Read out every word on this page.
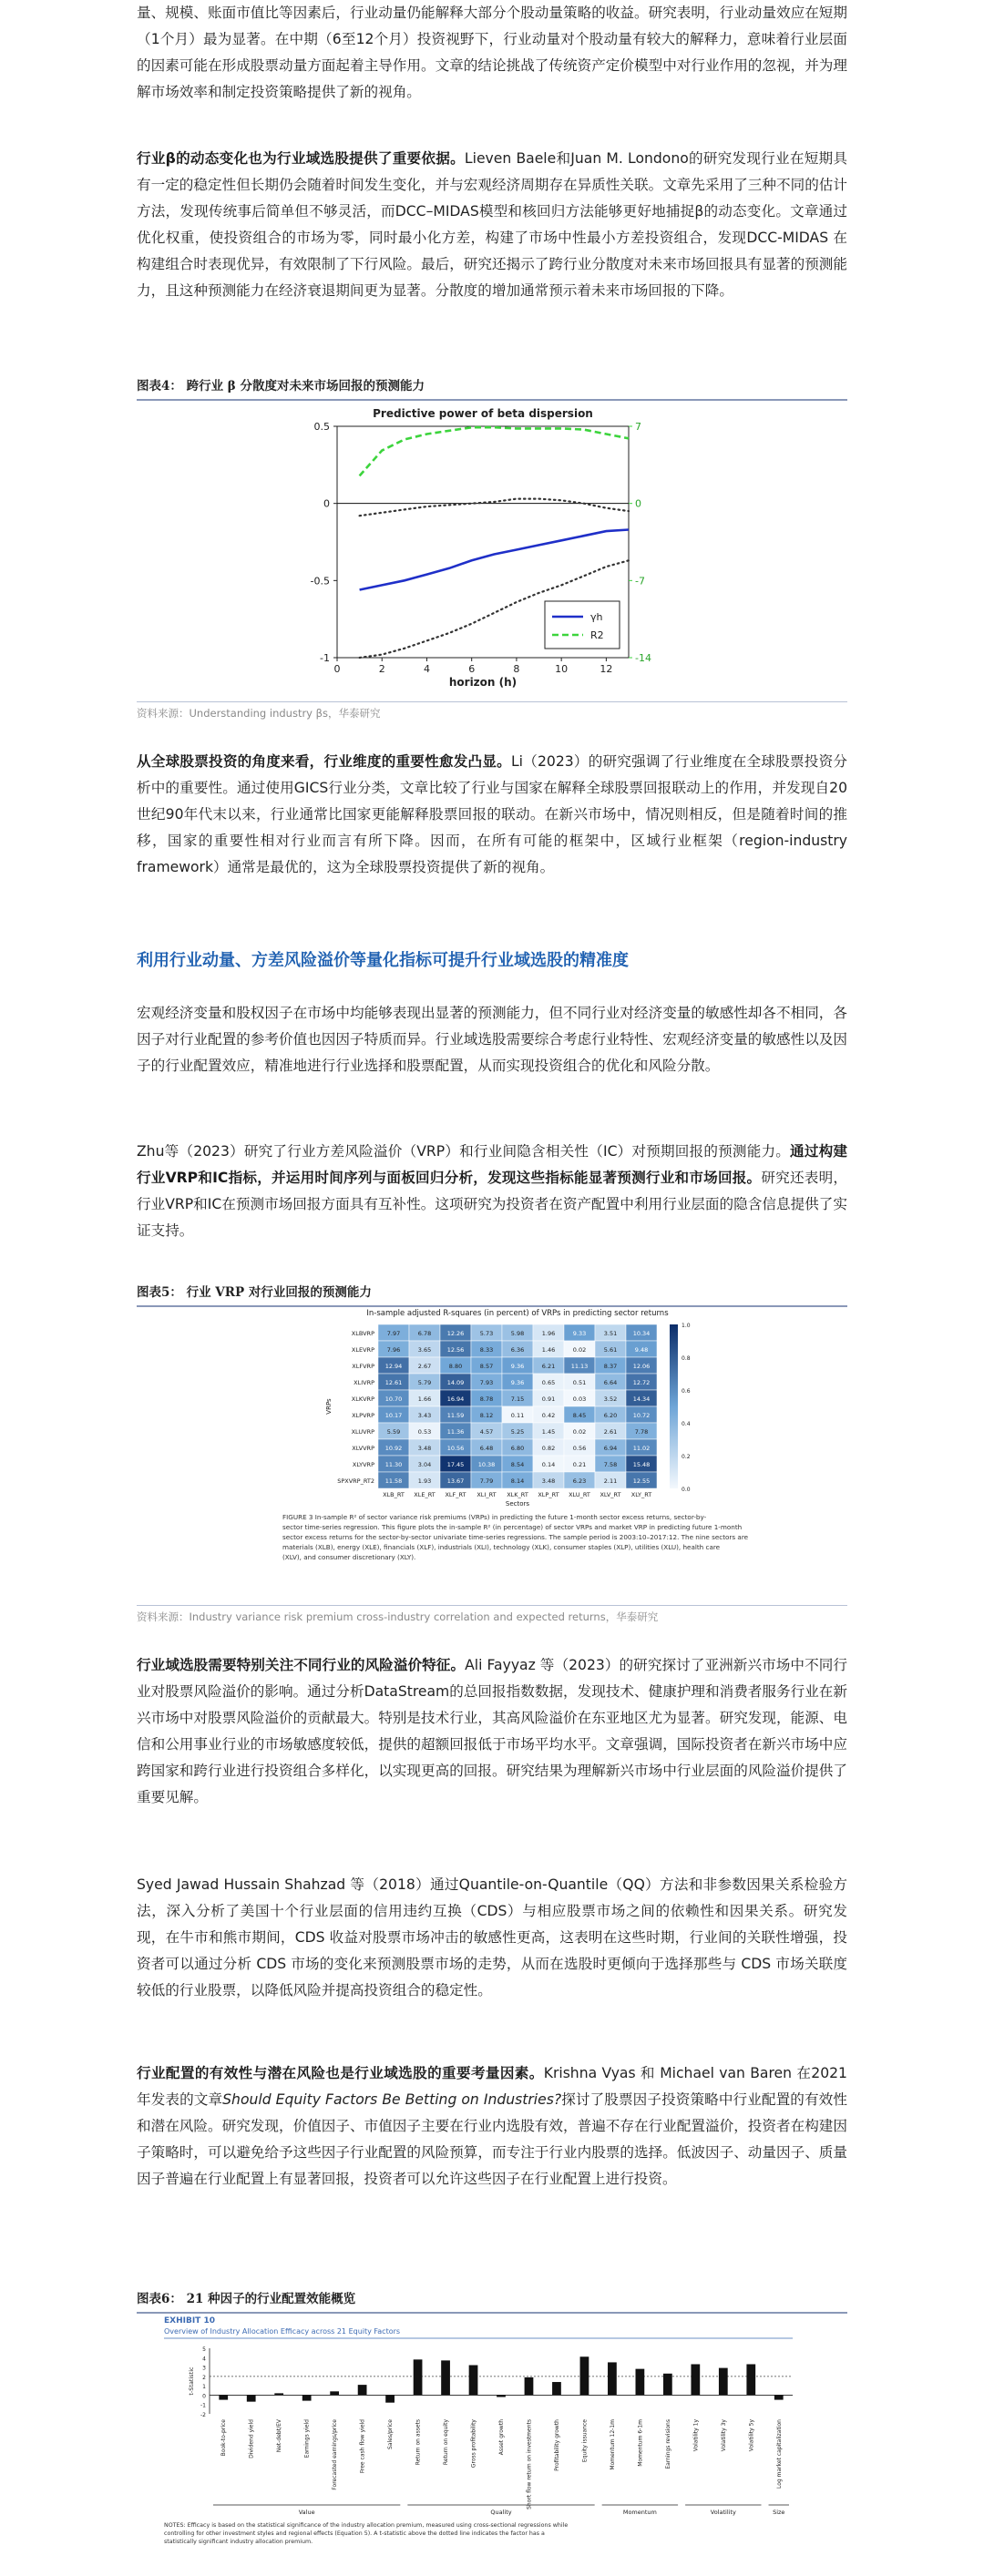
量、规模、账面市值比等因素后，行业动量仍能解释大部分个股动量策略的收益。研究表明，行业动量效应在短期（1个月）最为显著。在中期（6至12个月）投资视野下，行业动量对个股动量有较大的解释力，意味着行业层面的因素可能在形成股票动量方面起着主导作用。文章的结论挑战了传统资产定价模型中对行业作用的忽视，并为理解市场效率和制定投资策略提供了新的视角。

行业β的动态变化也为行业域选股提供了重要依据。Lieven Baele和Juan M. Londono的研究发现行业在短期具有一定的稳定性但长期仍会随着时间发生变化，并与宏观经济周期存在异质性关联。文章先采用了三种不同的估计方法，发现传统事后简单但不够灵活，而DCC–MIDAS模型和核回归方法能够更好地捕捉β的动态变化。文章通过优化权重，使投资组合的市场为零，同时最小化方差，构建了市场中性最小方差投资组合，发现DCC-MIDAS 在构建组合时表现优异，有效限制了下行风险。最后，研究还揭示了跨行业分散度对未来市场回报具有显著的预测能力，且这种预测能力在经济衰退期间更为显著。分散度的增加通常预示着未来市场回报的下降。

图表4： 跨行业 β 分散度对未来市场回报的预测能力
Predictive power of beta dispersion
0.5
0
-0.5
-1
7
0
-7
-14
0	2	4	6	8	10	12
horizon (h)
γh
R2
资料来源：Understanding industry βs，华泰研究

从全球股票投资的角度来看，行业维度的重要性愈发凸显。Li（2023）的研究强调了行业维度在全球股票投资分析中的重要性。通过使用GICS行业分类，文章比较了行业与国家在解释全球股票回报联动上的作用，并发现自20世纪90年代末以来，行业通常比国家更能解释股票回报的联动。在新兴市场中，情况则相反，但是随着时间的推移，国家的重要性相对行业而言有所下降。因而，在所有可能的框架中，区域行业框架（region-industry framework）通常是最优的，这为全球股票投资提供了新的视角。

利用行业动量、方差风险溢价等量化指标可提升行业域选股的精准度

宏观经济变量和股权因子在市场中均能够表现出显著的预测能力，但不同行业对经济变量的敏感性却各不相同，各因子对行业配置的参考价值也因因子特质而异。行业域选股需要综合考虑行业特性、宏观经济变量的敏感性以及因子的行业配置效应，精准地进行行业选择和股票配置，从而实现投资组合的优化和风险分散。

Zhu等（2023）研究了行业方差风险溢价（VRP）和行业间隐含相关性（IC）对预期回报的预测能力。通过构建行业VRP和IC指标，并运用时间序列与面板回归分析，发现这些指标能显著预测行业和市场回报。研究还表明，行业VRP和IC在预测市场回报方面具有互补性。这项研究为投资者在资产配置中利用行业层面的隐含信息提供了实证支持。

图表5： 行业 VRP 对行业回报的预测能力
In-sample adjusted R-squares (in percent) of VRPs in predicting sector returns
XLBVRP 7.97	6.78	12.26	5.73	5.98	1.96	9.33	3.51	10.34
XLEVRP 7.96	3.65	12.56	8.33	6.36	1.46	0.02	5.61	9.48
XLFVRP 12.94	2.67	8.80	8.57	9.36	6.21	11.13	8.37	12.06
XLIVRP 12.61	5.79	14.09	7.93	9.36	0.65	0.51	6.64	12.72
XLKVRP 10.70	1.66	16.94	8.78	7.15	0.91	0.03	3.52	14.34
XLPVRP 10.17	3.43	11.59	8.12	0.11	0.42	8.45	6.20	10.72
XLUVRP 5.59	0.53	11.36	4.57	5.25	1.45	0.02	2.61	7.78
XLVVRP 10.92	3.48	10.56	6.48	6.80	0.82	0.56	6.94	11.02
XLYVRP 11.30	3.04	17.45 10.38	8.54	0.14	0.21	7.58	15.48
SPXVRP_RT2 11.58	1.93	13.67	7.79	8.14	3.48	6.23	2.11	12.55
XLB_RT XLE_RT XLF_RT XLI_RT XLK_RT XLP_RT XLU_RT XLV_RT XLY_RT
Sectors
VRPs
0.0
0.2
0.4
0.6
0.8
1.0
FIGURE 3 In-sample R² of sector variance risk premiums (VRPs) in predicting the future 1-month sector excess returns, sector-by-
sector time-series regression. This figure plots the in-sample R² (in percentage) of sector VRPs and market VRP in predicting future 1-month
sector excess returns for the sector-by-sector univariate time-series regressions. The sample period is 2003:10–2017:12. The nine sectors are
materials (XLB), energy (XLE), financials (XLF), industrials (XLI), technology (XLK), consumer staples (XLP), utilities (XLU), health care
(XLV), and consumer discretionary (XLY).
资料来源：Industry variance risk premium cross-industry correlation and expected returns，华泰研究

行业域选股需要特别关注不同行业的风险溢价特征。Ali Fayyaz 等（2023）的研究探讨了亚洲新兴市场中不同行业对股票风险溢价的影响。通过分析DataStream的总回报指数数据，发现技术、健康护理和消费者服务行业在新兴市场中对股票风险溢价的贡献最大。特别是技术行业，其高风险溢价在东亚地区尤为显著。研究发现，能源、电信和公用事业行业的市场敏感度较低，提供的超额回报低于市场平均水平。文章强调，国际投资者在新兴市场中应跨国家和跨行业进行投资组合多样化，以实现更高的回报。研究结果为理解新兴市场中行业层面的风险溢价提供了重要见解。

Syed Jawad Hussain Shahzad 等（2018）通过Quantile-on-Quantile（QQ）方法和非参数因果关系检验方法，深入分析了美国十个行业层面的信用违约互换（CDS）与相应股票市场之间的依赖性和因果关系。研究发现，在牛市和熊市期间，CDS 收益对股票市场冲击的敏感性更高，这表明在这些时期，行业间的关联性增强，投资者可以通过分析 CDS 市场的变化来预测股票市场的走势，从而在选股时更倾向于选择那些与 CDS 市场关联度较低的行业股票，以降低风险并提高投资组合的稳定性。

行业配置的有效性与潜在风险也是行业域选股的重要考量因素。Krishna Vyas 和 Michael van Baren 在2021年发表的文章Should Equity Factors Be Betting on Industries?探讨了股票因子投资策略中行业配置的有效性和潜在风险。研究发现，价值因子、市值因子主要在行业内选股有效，普遍不存在行业配置溢价，投资者在构建因子策略时，可以避免给予这些因子行业配置的风险预算，而专注于行业内股票的选择。低波因子、动量因子、质量因子普遍在行业配置上有显著回报，投资者可以允许这些因子在行业配置上进行投资。

图表6： 21 种因子的行业配置效能概览
EXHIBIT 10
Overview of Industry Allocation Efficacy across 21 Equity Factors
5
4
3
2
1
0
-1
-2
t-Statistic
Book-to-price	Dividend yield	Net-debt/EV	Earnings yield	Forecasted earnings/price	Free cash flow yield	Sales/price	Return on assets	Return on equity	Gross profitability	Asset growth	Short flow return on investments	Profitability growth	Equity issuance	Momentum 12-1m	Momentum 6-1m	Earnings revisions	Volatility 1y	Volatility 3y	Volatility 5y	Log market capitalization
Value	Quality	Momentum	Volatility	Size
NOTES: Efficacy is based on the statistical significance of the industry allocation premium, measured using cross-sectional regressions while
controlling for other investment styles and regional effects (Equation 5). A t-statistic above the dotted line indicates the factor has a
statistically significant industry allocation premium.
